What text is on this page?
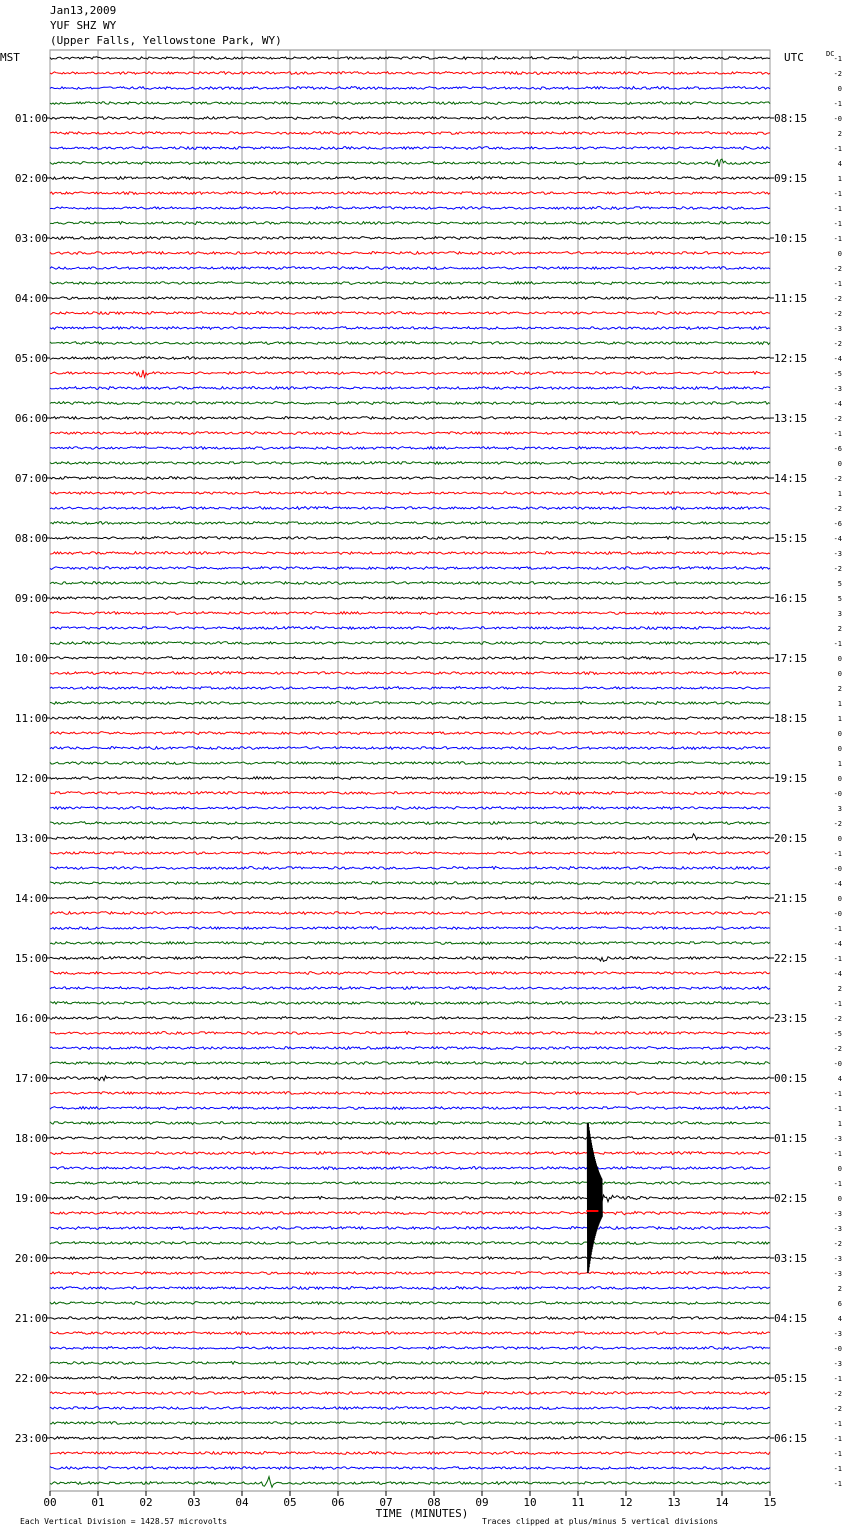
Jan13,2009
YUF SHZ WY
(Upper Falls, Yellowstone Park, WY)
00	01	02	03	04	05	06	07	08	09	10	11	12	13	14	15
-1
-2
0
-1
-0
2
-1
4
1
-1
-1
-1
-1
0
-2
-1
-2
-2
-3
-2
-4
-5
-3
-4
-2
-1
-6
0
-2
1
-2
-6
-4
-3
-2
5
5
3
2
-1
0
0
2
1
1
0
0
1
0
-0
3
-2
0
-1
-0
-4
0
-0
-1
-4
-1
-4
2
-1
-2
-5
-2
-0
4
-1
-1
1
-3
-1
0
-1
0
-3
-3
-2
-3
-3
2
6
4
-3
-0
-3
-1
-2
-2
-1
-1
-1
-1
-1
01:00
02:00
03:00
04:00
05:00
06:00
07:00
08:00
09:00
10:00
11:00
12:00
13:00
14:00
15:00
16:00
17:00
18:00
19:00
20:00
21:00
22:00
23:00
08:15
09:15
10:15
11:15
12:15
13:15
14:15
15:15
16:15
17:15
18:15
19:15
20:15
21:15
22:15
23:15
00:15
01:15
02:15
03:15
04:15
05:15
06:15
MST	UTC	DC
TIME (MINUTES)
Each Vertical Division = 1428.57 microvolts	Traces clipped at plus/minus 5 vertical divisions
